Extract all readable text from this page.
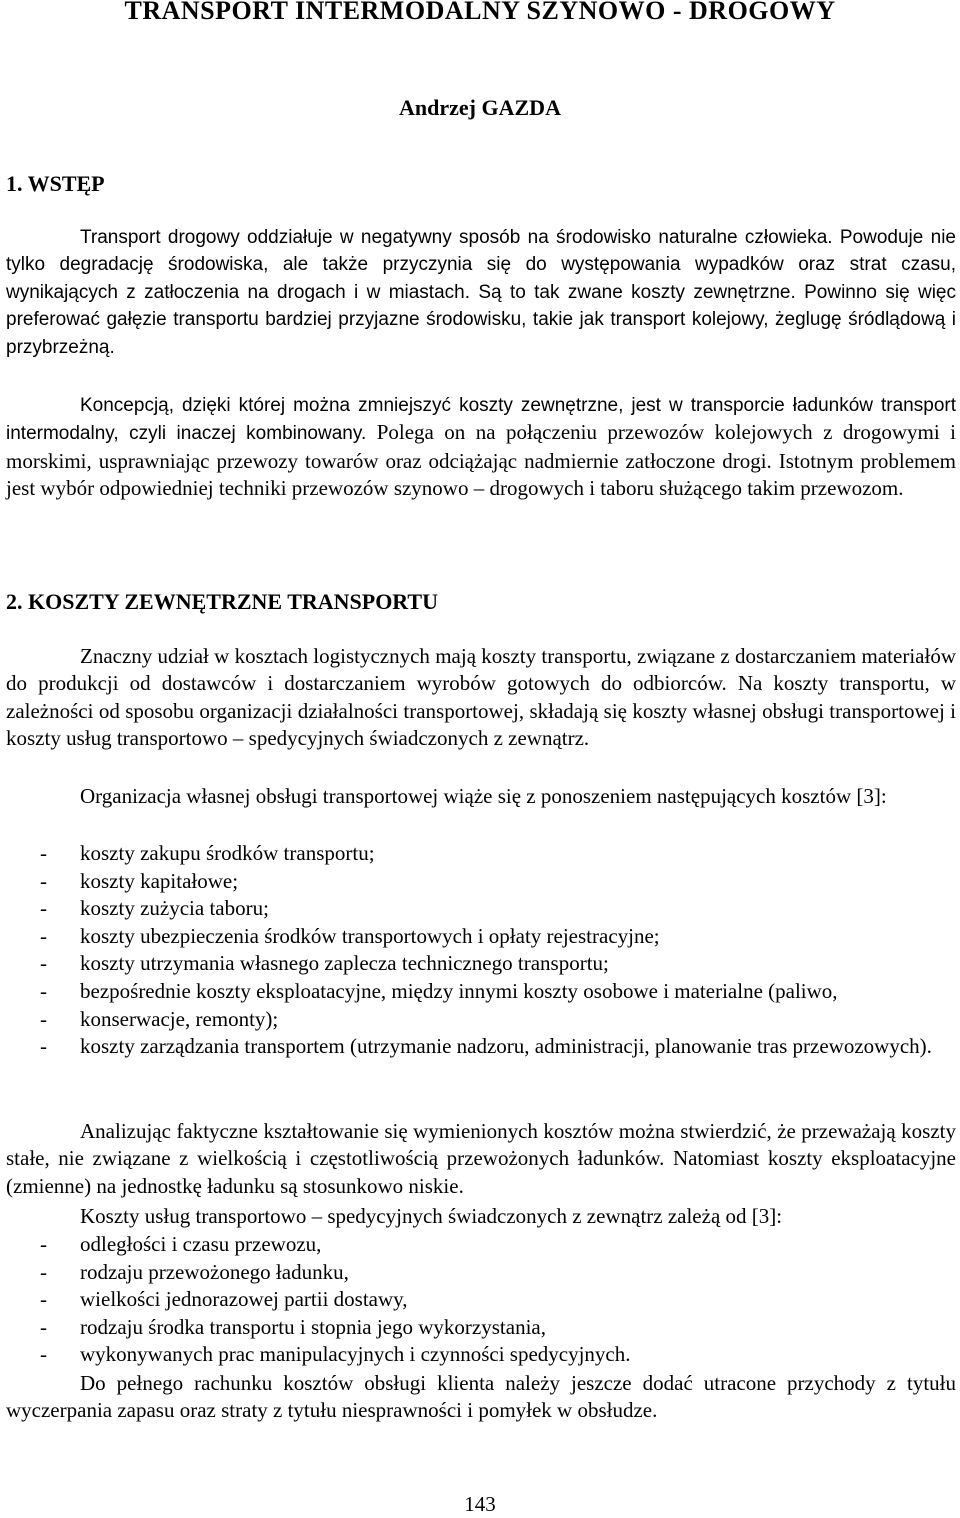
TRANSPORT INTERMODALNY SZYNOWO - DROGOWY

Andrzej GAZDA

1. WSTĘP

Transport drogowy oddziałuje w negatywny sposób na środowisko naturalne człowieka. Powoduje nie tylko degradację środowiska, ale także przyczynia się do występowania wypadków oraz strat czasu, wynikających z zatłoczenia na drogach i w miastach. Są to tak zwane koszty zewnętrzne. Powinno się więc preferować gałęzie transportu bardziej przyjazne środowisku, takie jak transport kolejowy, żeglugę śródlądową i przybrzeżną.

Koncepcją, dzięki której można zmniejszyć koszty zewnętrzne, jest w transporcie ładunków transport intermodalny, czyli inaczej kombinowany. Polega on na połączeniu przewozów kolejowych z drogowymi i morskimi, usprawniając przewozy towarów oraz odciążając nadmiernie zatłoczone drogi. Istotnym problemem jest wybór odpowiedniej techniki przewozów szynowo – drogowych i taboru służącego takim przewozom.

2. KOSZTY ZEWNĘTRZNE TRANSPORTU

Znaczny udział w kosztach logistycznych mają koszty transportu, związane z dostarczaniem materiałów do produkcji od dostawców i dostarczaniem wyrobów gotowych do odbiorców. Na koszty transportu, w zależności od sposobu organizacji działalności transportowej, składają się koszty własnej obsługi transportowej i koszty usług transportowo – spedycyjnych świadczonych z zewnątrz.

Organizacja własnej obsługi transportowej wiąże się z ponoszeniem następujących kosztów [3]:

- koszty zakupu środków transportu;
- koszty kapitałowe;
- koszty zużycia taboru;
- koszty ubezpieczenia środków transportowych i opłaty rejestracyjne;
- koszty utrzymania własnego zaplecza technicznego transportu;
- bezpośrednie koszty eksploatacyjne, między innymi koszty osobowe i materialne (paliwo,
- konserwacje, remonty);
- koszty zarządzania transportem (utrzymanie nadzoru, administracji, planowanie tras przewozowych).

Analizując faktyczne kształtowanie się wymienionych kosztów można stwierdzić, że przeważają koszty stałe, nie związane z wielkością i częstotliwością przewożonych ładunków. Natomiast koszty eksploatacyjne (zmienne) na jednostkę ładunku są stosunkowo niskie.

Koszty usług transportowo – spedycyjnych świadczonych z zewnątrz zależą od [3]:

- odległości i czasu przewozu,
- rodzaju przewożonego ładunku,
- wielkości jednorazowej partii dostawy,
- rodzaju środka transportu i stopnia jego wykorzystania,
- wykonywanych prac manipulacyjnych i czynności spedycyjnych.

Do pełnego rachunku kosztów obsługi klienta należy jeszcze dodać utracone przychody z tytułu wyczerpania zapasu oraz straty z tytułu niesprawności i pomyłek w obsłudze.

143
